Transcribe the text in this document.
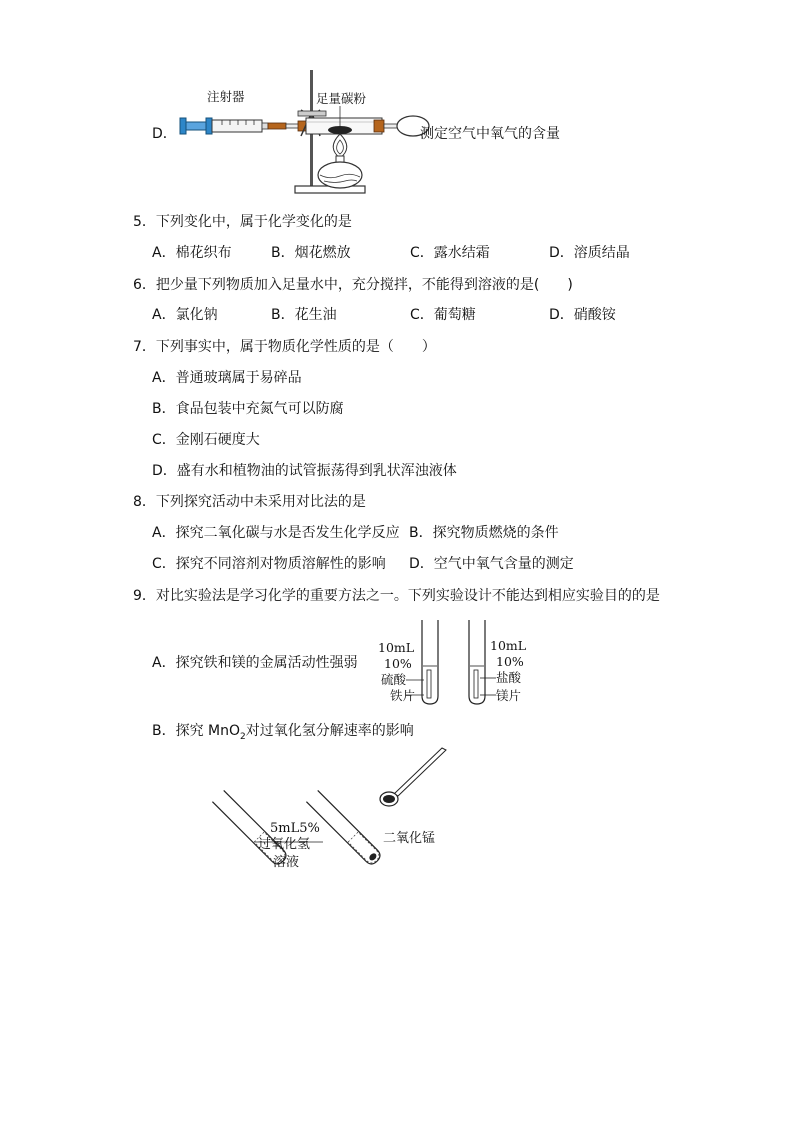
D．
注射器	足量碳粉
测定空气中氧气的含量
5．下列变化中，属于化学变化的是
A．棉花织布	B．烟花燃放	C．露水结霜	D．溶质结晶
6．把少量下列物质加入足量水中，充分搅拌，不能得到溶液的是(　　)
A．氯化钠	B．花生油	C．葡萄糖	D．硝酸铵
7．下列事实中，属于物质化学性质的是（　　）
A．普通玻璃属于易碎品
B．食品包装中充氮气可以防腐
C．金刚石硬度大
D．盛有水和植物油的试管振荡得到乳状浑浊液体
8．下列探究活动中未采用对比法的是
A．探究二氧化碳与水是否发生化学反应 B．探究物质燃烧的条件
C．探究不同溶剂对物质溶解性的影响 D．空气中氧气含量的测定
9．对比实验法是学习化学的重要方法之一。下列实验设计不能达到相应实验目的的是
A．探究铁和镁的金属活动性强弱
10mL
10%
硫酸
铁片
10mL
10%
盐酸
镁片
B．探究 MnO$_2$对过氧化氢分解速率的影响
二氧化锰
5mL5%
过氧化氢
溶液
